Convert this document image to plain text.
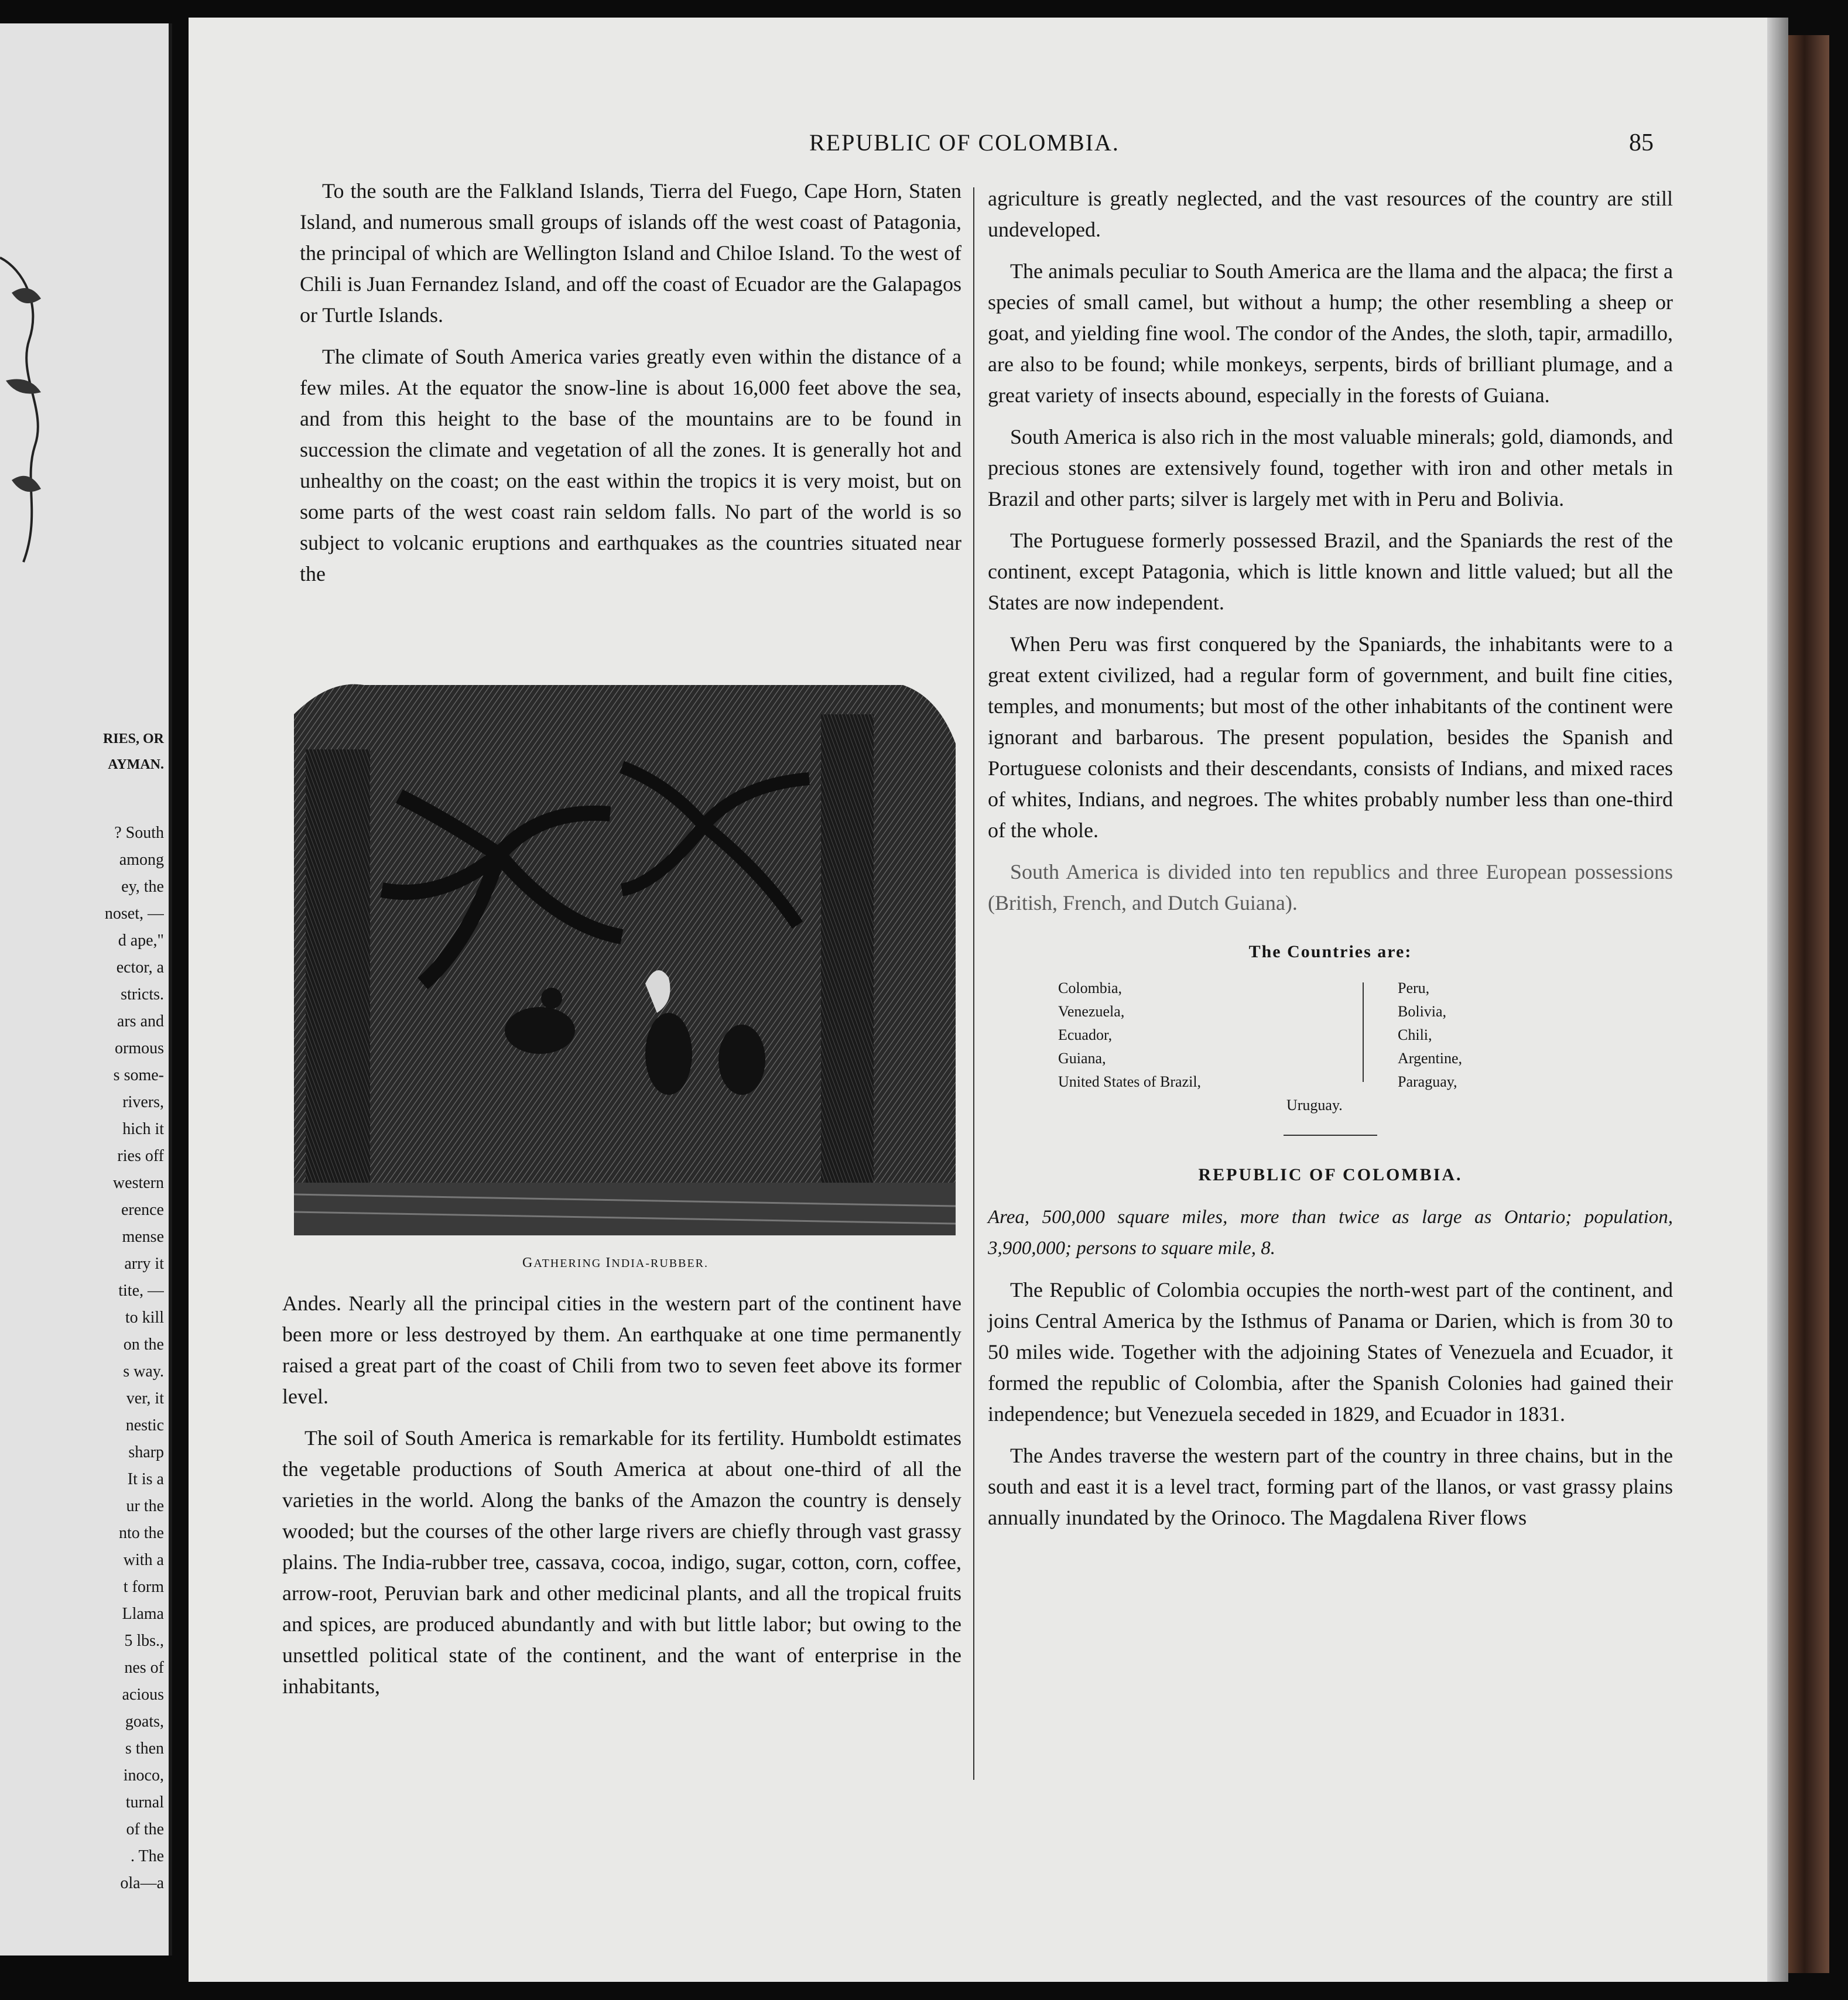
RIES, OR
AYMAN.
? South
among
ey, the
noset, —
d ape,"
ector, a
stricts.
ars and
ormous
s some-
rivers,
hich it
ries off
western
erence
mense
arry it
tite, —
to kill
on the
s way.
ver, it
nestic
sharp
It is a
ur the
nto the
with a
t form
Llama
5 lbs.,
nes of
acious
goats,
s then
inoco,
turnal
of the
. The
ola—a
REPUBLIC OF COLOMBIA.	85

To the south are the Falkland Islands, Tierra del Fuego, Cape Horn, Staten Island, and numerous small groups of islands off the west coast of Patagonia, the principal of which are Wellington Island and Chiloe Island. To the west of Chili is Juan Fernandez Island, and off the coast of Ecuador are the Galapagos or Turtle Islands.

The climate of South America varies greatly even within the distance of a few miles. At the equator the snow-line is about 16,000 feet above the sea, and from this height to the base of the mountains are to be found in succession the climate and vegetation of all the zones. It is generally hot and unhealthy on the coast; on the east within the tropics it is very moist, but on some parts of the west coast rain seldom falls. No part of the world is so subject to volcanic eruptions and earthquakes as the countries situated near the

GATHERING INDIA-RUBBER.

Andes. Nearly all the principal cities in the western part of the continent have been more or less destroyed by them. An earthquake at one time permanently raised a great part of the coast of Chili from two to seven feet above its former level.

The soil of South America is remarkable for its fertility. Humboldt estimates the vegetable productions of South America at about one-third of all the varieties in the world. Along the banks of the Amazon the country is densely wooded; but the courses of the other large rivers are chiefly through vast grassy plains. The India-rubber tree, cassava, cocoa, indigo, sugar, cotton, corn, coffee, arrow-root, Peruvian bark and other medicinal plants, and all the tropical fruits and spices, are produced abundantly and with but little labor; but owing to the unsettled political state of the continent, and the want of enterprise in the inhabitants,

agriculture is greatly neglected, and the vast resources of the country are still undeveloped.

The animals peculiar to South America are the llama and the alpaca; the first a species of small camel, but without a hump; the other resembling a sheep or goat, and yielding fine wool. The condor of the Andes, the sloth, tapir, armadillo, are also to be found; while monkeys, serpents, birds of brilliant plumage, and a great variety of insects abound, especially in the forests of Guiana.

South America is also rich in the most valuable minerals; gold, diamonds, and precious stones are extensively found, together with iron and other metals in Brazil and other parts; silver is largely met with in Peru and Bolivia.

The Portuguese formerly possessed Brazil, and the Spaniards the rest of the continent, except Patagonia, which is little known and little valued; but all the States are now independent.

When Peru was first conquered by the Spaniards, the inhabitants were to a great extent civilized, had a regular form of government, and built fine cities, temples, and monuments; but most of the other inhabitants of the continent were ignorant and barbarous. The present population, besides the Spanish and Portuguese colonists and their descendants, consists of Indians, and mixed races of whites, Indians, and negroes. The whites probably number less than one-third of the whole.

South America is divided into ten republics and three European possessions (British, French, and Dutch Guiana).

The Countries are:
Colombia,
Venezuela,
Ecuador,
Guiana,
United States of Brazil,
Peru,
Bolivia,
Chili,
Argentine,
Paraguay,
Uruguay.
REPUBLIC OF COLOMBIA.

Area, 500,000 square miles, more than twice as large as Ontario; population, 3,900,000; persons to square mile, 8.

The Republic of Colombia occupies the north-west part of the continent, and joins Central America by the Isthmus of Panama or Darien, which is from 30 to 50 miles wide. Together with the adjoining States of Venezuela and Ecuador, it formed the republic of Colombia, after the Spanish Colonies had gained their independence; but Venezuela seceded in 1829, and Ecuador in 1831.

The Andes traverse the western part of the country in three chains, but in the south and east it is a level tract, forming part of the llanos, or vast grassy plains annually inundated by the Orinoco. The Magdalena River flows
